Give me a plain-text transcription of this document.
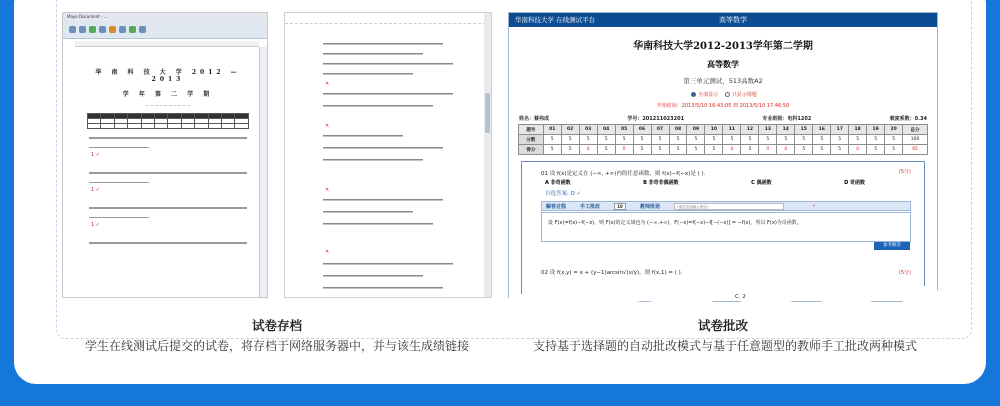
Mayo Document - ...
华 南 科 技 大 学 2012 — 2013
学 年 第 二 学 期
— — — — — — — — — —

1 ✓
1 ✓
1 ✓
✕
✕
✕
✕
华南科技大学 在线测试平台	高等数学
华南科技大学2012-2013学年第二学期
高等数学
第三单元测试，513高数A2
全部显示	只显示错题
开始时间：2013/5/10 16:43:05 到 2013/5/10 17:46:50
姓名：蔡伟成	学号：201211023201	专业班级：电科1202	难度系数：0.34
题号	01	02	03	04	05	06	07	08	09	10	11	12	13	14	15	16	17	18	19	20	总分
分数	5	5	5	5	5	5	5	5	5	5	5	5	5	5	5	5	5	5	5	5	100
得分	5	5	0	5	0	5	5	5	5	5	0	5	0	0	5	5	5	0	5	5	65
01 设 f(x)是定义在 (−∞, +∞)内的任意函数，则 f(x)−f(−x)是 ( ).	(5分)
A 非奇函数	B 非奇非偶函数	C 偶函数	D 奇函数
自选答案: D ✓
解答过程	手工批改	10	教师批语	(请在这里输入批语)	✓
设 F(x)=f(x)−f(−x)，则 F(x)的定义域也为 (−∞,+∞)，F(−x)=f(−x)−f[−(−x)] = −f(x)，所以 F(x)为奇函数。
参考解答
02 设 f(x,y) = x + (y−1)arcsin√(x/y)，则 f(x,1) = ( ).	(5分)
C. 2
试卷存档
学生在线测试后提交的试卷，将存档于网络服务器中，并与该生成绩链接
试卷批改
支持基于选择题的自动批改模式与基于任意题型的教师手工批改两种模式
